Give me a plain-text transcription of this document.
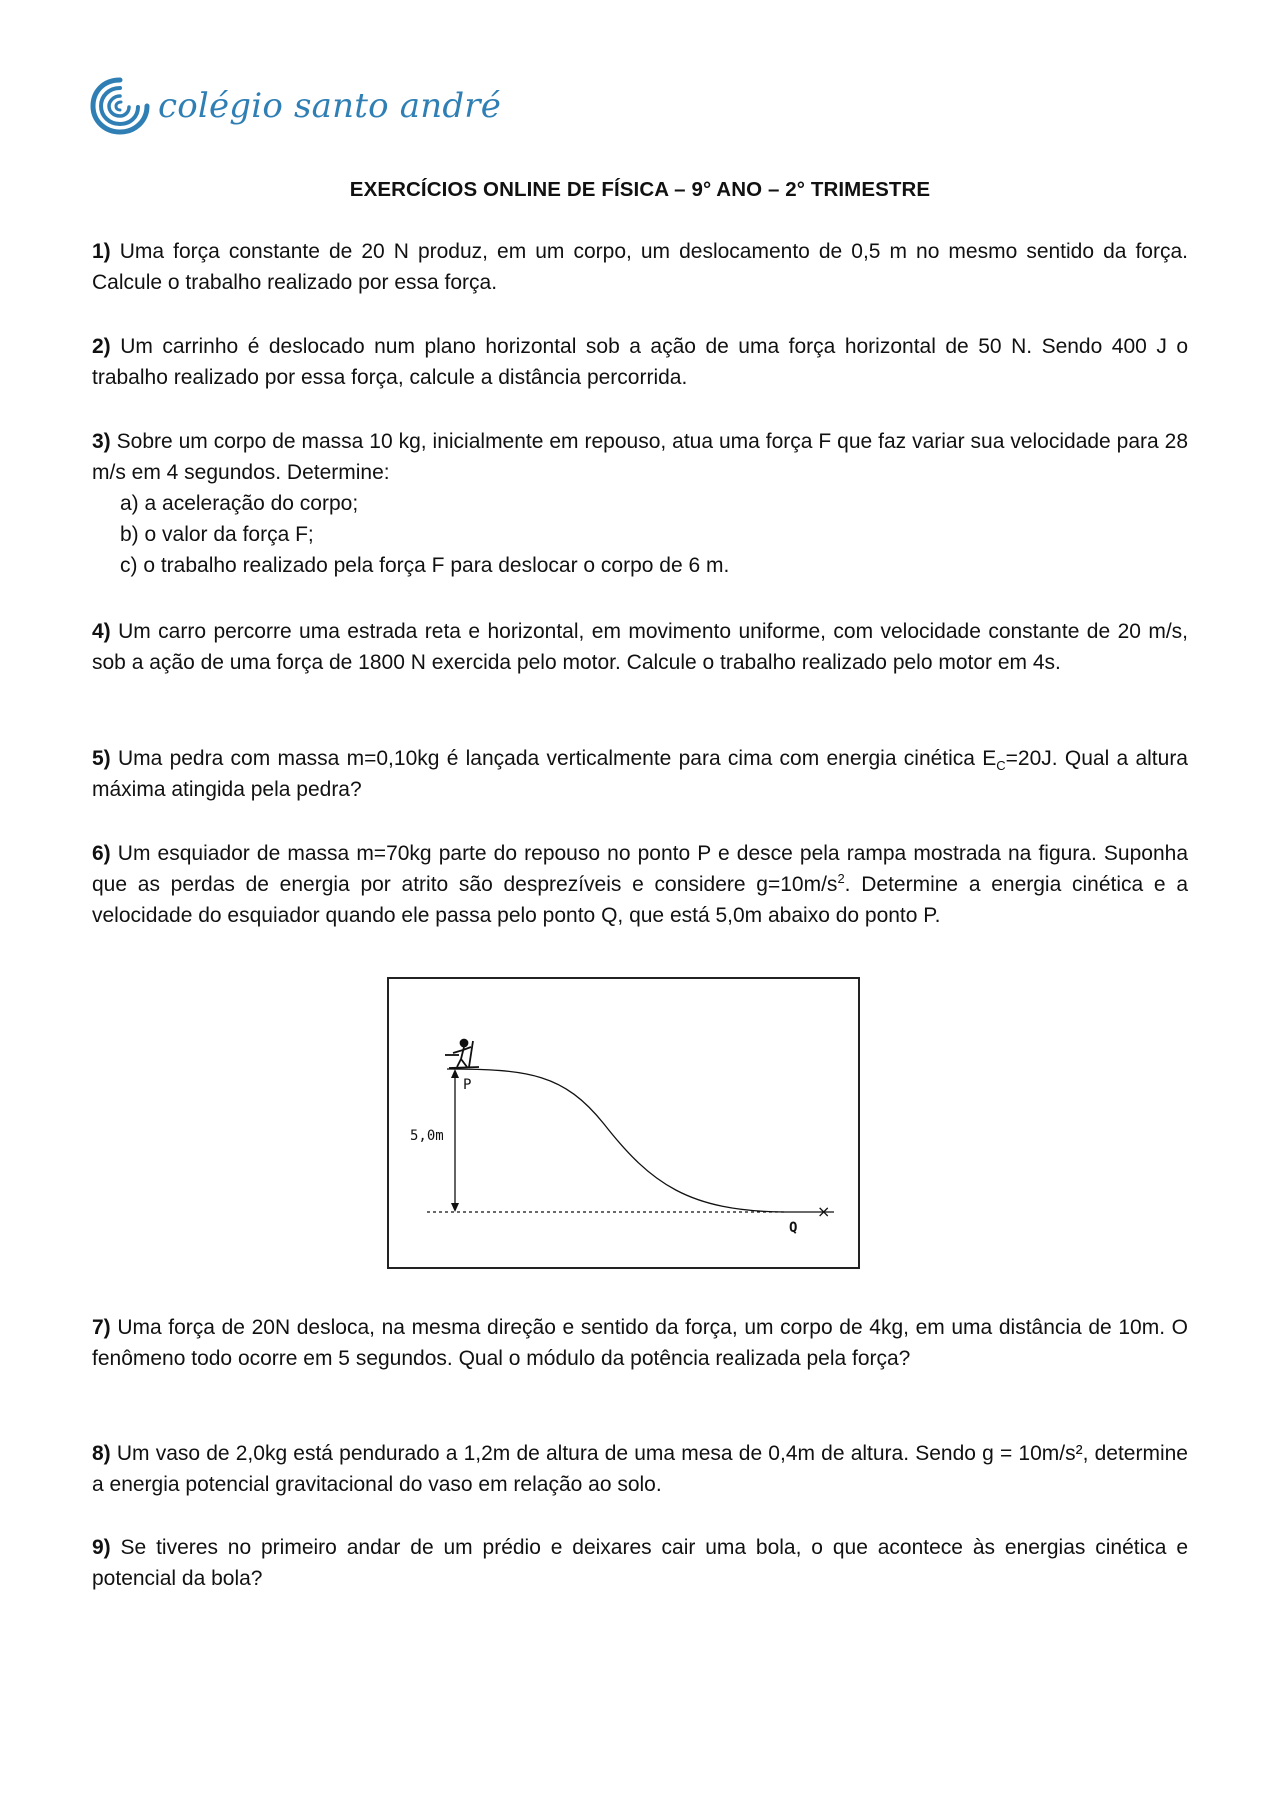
colégio santo andré
EXERCÍCIOS ONLINE DE FÍSICA – 9° ANO – 2° TRIMESTRE

1) Uma força constante de 20 N produz, em um corpo, um deslocamento de 0,5 m no mesmo sentido da força. Calcule o trabalho realizado por essa força.

2) Um carrinho é deslocado num plano horizontal sob a ação de uma força horizontal de 50 N. Sendo 400 J o trabalho realizado por essa força, calcule a distância percorrida.

3) Sobre um corpo de massa 10 kg, inicialmente em repouso, atua uma força F que faz variar sua velocidade para 28 m/s em 4 segundos. Determine:

a) a aceleração do corpo;
b) o valor da força F;
c) o trabalho realizado pela força F para deslocar o corpo de 6 m.

4) Um carro percorre uma estrada reta e horizontal, em movimento uniforme, com velocidade constante de 20 m/s, sob a ação de uma força de 1800 N exercida pelo motor. Calcule o trabalho realizado pelo motor em 4s.

5) Uma pedra com massa m=0,10kg é lançada verticalmente para cima com energia cinética $E_C=20J$. Qual a altura máxima atingida pela pedra?

6) Um esquiador de massa m=70kg parte do repouso no ponto P e desce pela rampa mostrada na figura. Suponha que as perdas de energia por atrito são desprezíveis e considere $g=10m/s^2$. Determine a energia cinética e a velocidade do esquiador quando ele passa pelo ponto Q, que está 5,0m abaixo do ponto P.

×
P
5,0m
Q

7) Uma força de 20N desloca, na mesma direção e sentido da força, um corpo de 4kg, em uma distância de 10m. O fenômeno todo ocorre em 5 segundos. Qual o módulo da potência realizada pela força?

8) Um vaso de 2,0kg está pendurado a 1,2m de altura de uma mesa de 0,4m de altura. Sendo g = 10m/s², determine a energia potencial gravitacional do vaso em relação ao solo.

9) Se tiveres no primeiro andar de um prédio e deixares cair uma bola, o que acontece às energias cinética e potencial da bola?
